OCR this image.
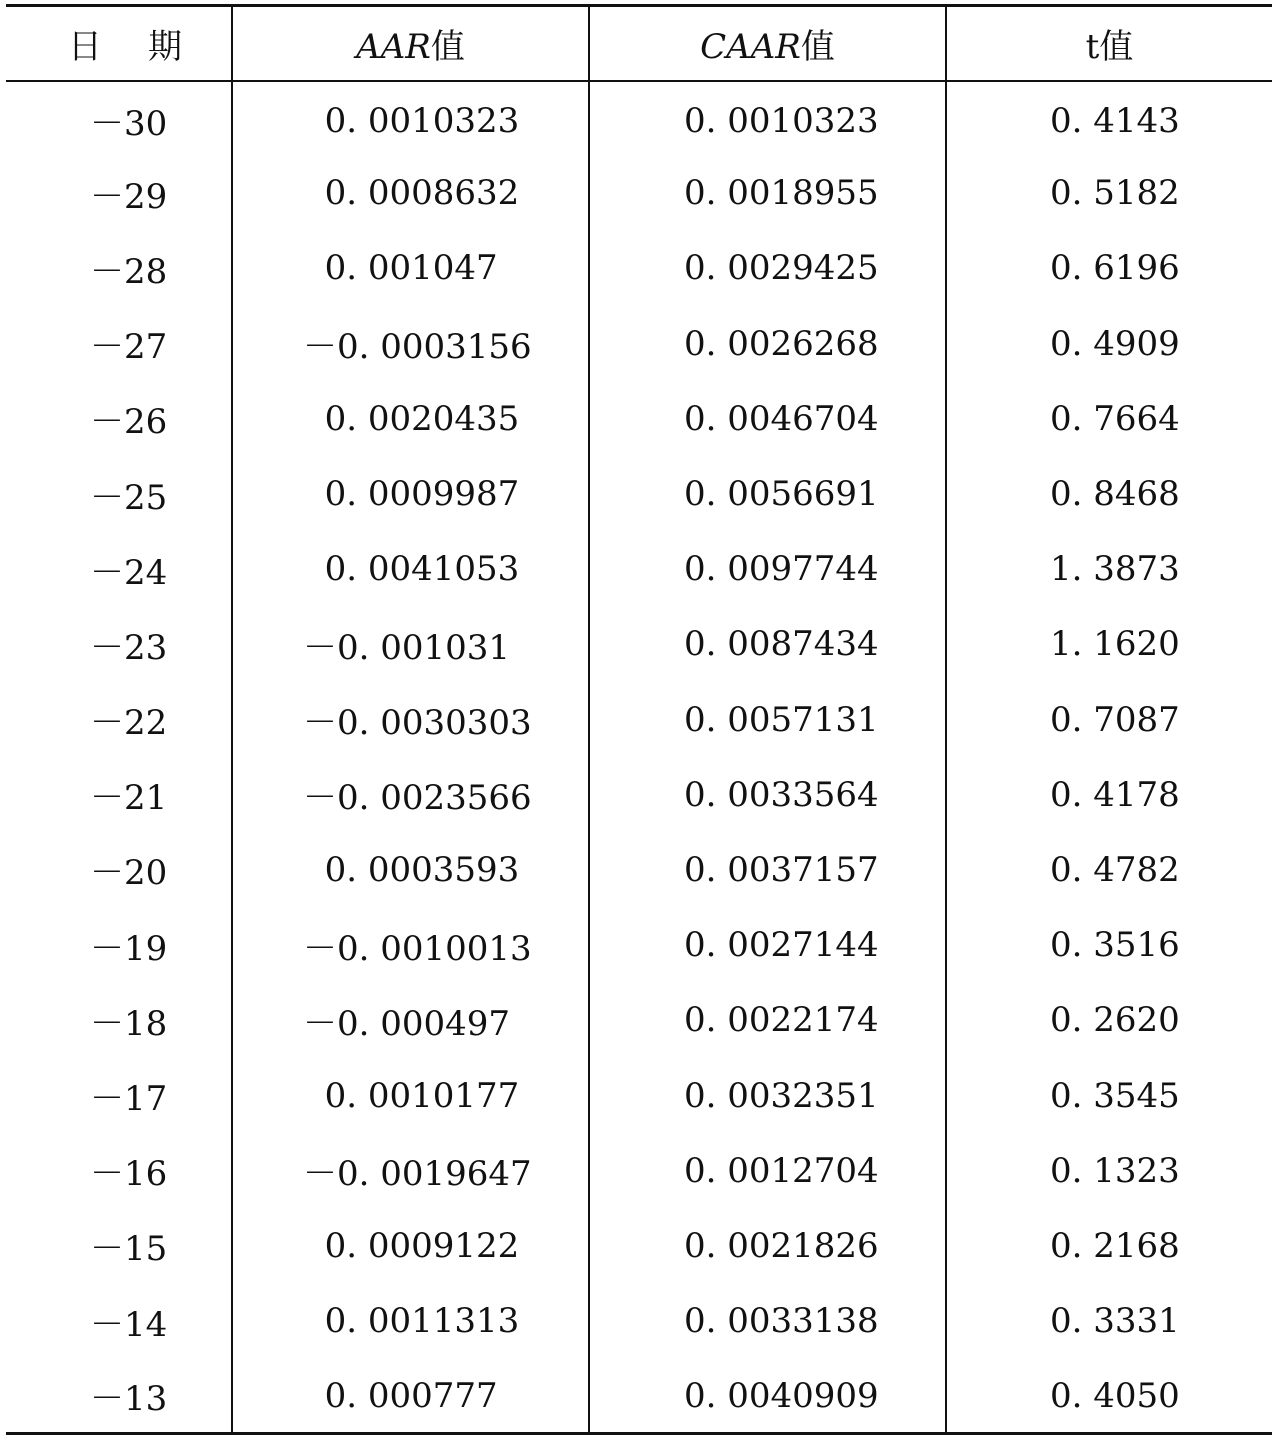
日 期	AAR值	CAAR值	t值
－30	0. 0010323	0. 0010323	0. 4143
－29	0. 0008632	0. 0018955	0. 5182
－28	0. 001047	0. 0029425	0. 6196
－27	－0. 0003156	0. 0026268	0. 4909
－26	0. 0020435	0. 0046704	0. 7664
－25	0. 0009987	0. 0056691	0. 8468
－24	0. 0041053	0. 0097744	1. 3873
－23	－0. 001031	0. 0087434	1. 1620
－22	－0. 0030303	0. 0057131	0. 7087
－21	－0. 0023566	0. 0033564	0. 4178
－20	0. 0003593	0. 0037157	0. 4782
－19	－0. 0010013	0. 0027144	0. 3516
－18	－0. 000497	0. 0022174	0. 2620
－17	0. 0010177	0. 0032351	0. 3545
－16	－0. 0019647	0. 0012704	0. 1323
－15	0. 0009122	0. 0021826	0. 2168
－14	0. 0011313	0. 0033138	0. 3331
－13	0. 000777	0. 0040909	0. 4050
